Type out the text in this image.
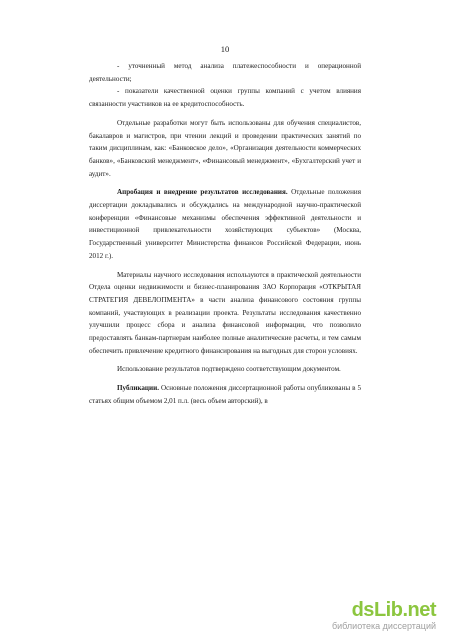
10

- уточненный метод анализа платежеспособности и операционной деятельности;

- показатели качественной оценки группы компаний с учетом влияния связанности участников на ее кредитоспособность.

Отдельные разработки могут быть использованы для обучения специалистов, бакалавров и магистров, при чтении лекций и проведении практических занятий по таким дисциплинам, как: «Банковское дело», «Организация деятельности коммерческих банков», «Банковский менеджмент», «Финансовый менеджмент», «Бухгалтерский учет и аудит».

Апробация и внедрение результатов исследования. Отдельные положения диссертации докладывались и обсуждались на международной научно-практической конференции «Финансовые механизмы обеспечения эффективной деятельности и инвестиционной привлекательности хозяйствующих субъектов» (Москва, Государственный университет Министерства финансов Российской Федерации, июнь 2012 г.).

Материалы научного исследования используются в практической деятельности Отдела оценки недвижимости и бизнес-планирования ЗАО Корпорация «ОТКРЫТАЯ СТРАТЕГИЯ ДЕВЕЛОПМЕНТА» в части анализа финансового состояния группы компаний, участвующих в реализации проекта. Результаты исследования качественно улучшили процесс сбора и анализа финансовой информации, что позволило предоставлять банкам-партнерам наиболее полные аналитические расчеты, и тем самым обеспечить привлечение кредитного финансирования на выгодных для сторон условиях.

Использование результатов подтверждено соответствующим документом.

Публикации. Основные положения диссертационной работы опубликованы в 5 статьях общим объемом 2,01 п.л. (весь объем авторский), в

dsLib.net
библиотека диссертаций
